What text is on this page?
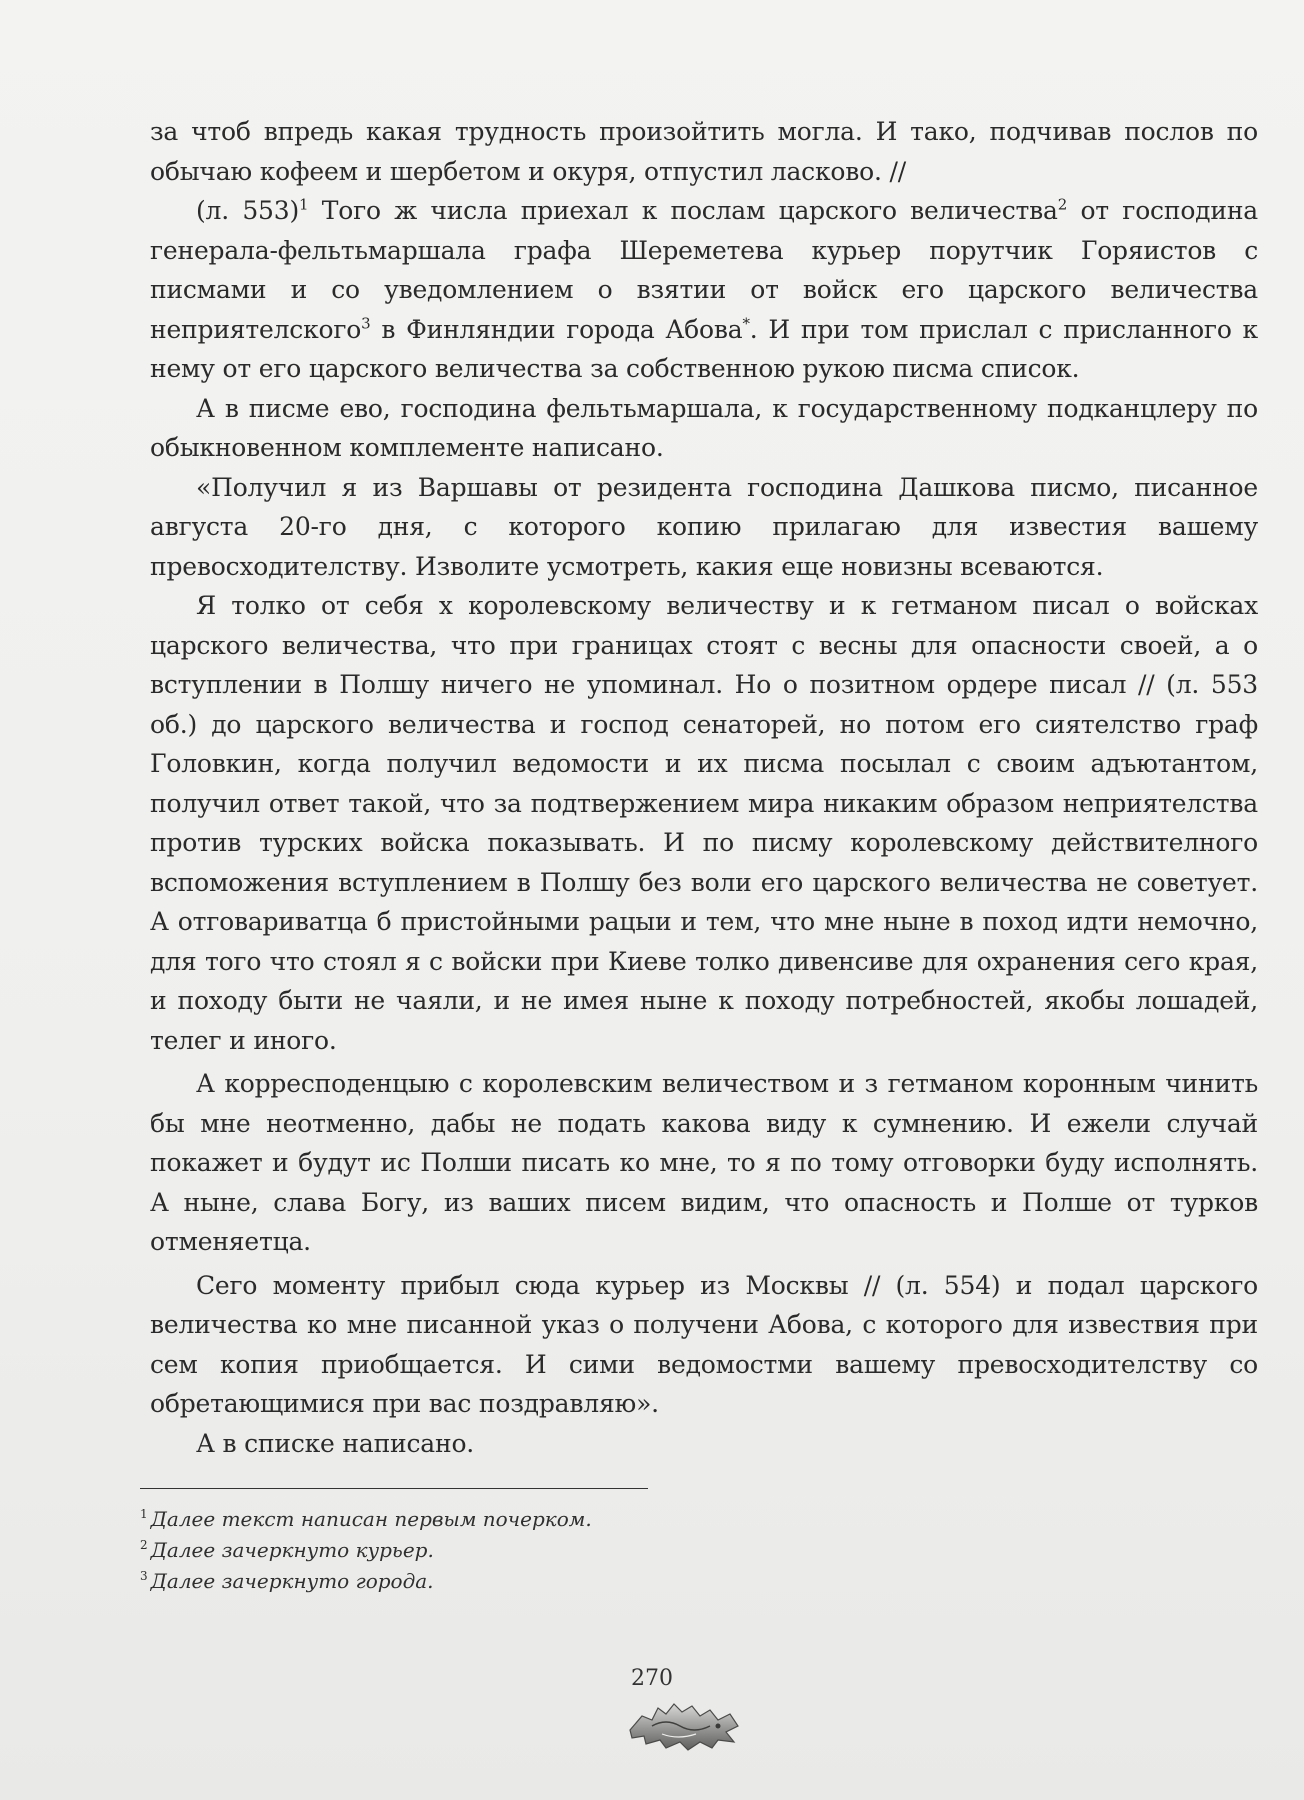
за чтоб впредь какая трудность произойтить могла. И тако, подчивав послов по обычаю кофеем и шербетом и окуря, отпустил ласково. //

(л. 553)$^1$ Того ж числа приехал к послам царского величества$^2$ от господина генерала-фельтьмаршала графа Шереметева курьер порутчик Горяистов с писмами и со уведомлением о взятии от войск его царского величества неприятелского$^3$ в Финляндии города Абова*. И при том прислал с присланного к нему от его царского величества за собственною рукою писма список.

А в писме ево, господина фельтьмаршала, к государственному подканцлеру по обыкновенном комплементе написано.

«Получил я из Варшавы от резидента господина Дашкова писмо, писанное августа 20-го дня, с которого копию прилагаю для известия вашему превосходителству. Изволите усмотреть, какия еще новизны всеваются.

Я толко от себя х королевскому величеству и к гетманом писал о войсках царского величества, что при границах стоят с весны для опасности своей, а о вступлении в Полшу ничего не упоминал. Но о позитном ордере писал // (л. 553 об.) до царского величества и господ сенаторей, но потом его сиятелство граф Головкин, когда получил ведомости и их писма посылал с своим адъютантом, получил ответ такой, что за подтвержением мира никаким образом неприятелства против турских войска показывать. И по писму королевскому действителного вспоможения вступлением в Полшу без воли его царского величества не советует. А отговариватца б пристойными рацыи и тем, что мне ныне в поход идти немочно, для того что стоял я с войски при Киеве толко дивенсиве для охранения сего края, и походу быти не чаяли, и не имея ныне к походу потребностей, якобы лошадей, телег и иного.

А корресподенцыю с королевским величеством и з гетманом коронным чинить бы мне неотменно, дабы не подать какова виду к сумнению. И ежели случай покажет и будут ис Полши писать ко мне, то я по тому отговорки буду исполнять. А ныне, слава Богу, из ваших писем видим, что опасность и Полше от турков отменяетца.

Сего моменту прибыл сюда курьер из Москвы // (л. 554) и подал царского величества ко мне писанной указ о получени Абова, с которого для извествия при сем копия приобщается. И сими ведомостми вашему превосходителству со обретающимися при вас поздравляю».

А в списке написано.

$^1$ Далее текст написан первым почерком.

$^2$ Далее зачеркнуто курьер.

$^3$ Далее зачеркнуто города.

270
